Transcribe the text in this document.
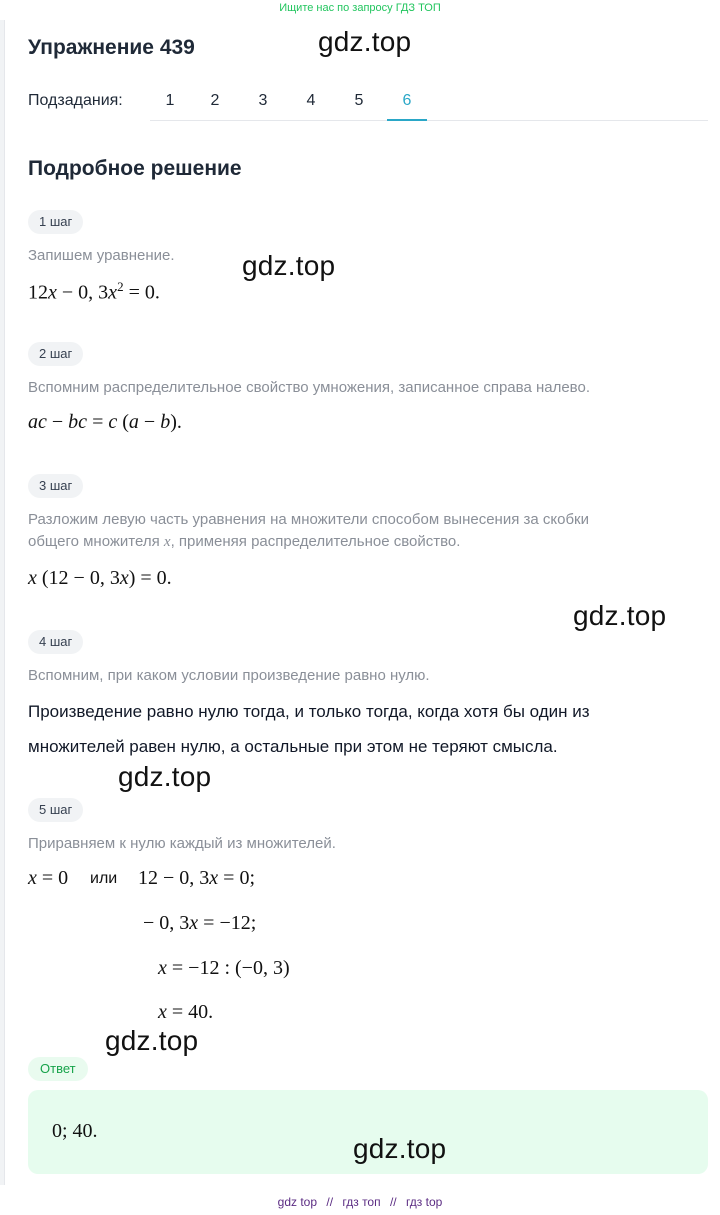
Ищите нас по запросу ГДЗ ТОП
Упражнение 439	gdz.top
Подзадания:	1	2	3	4	5	6
Подробное решение
1 шаг
Запишем уравнение.
12x − 0, $3x^2 = 0$.
gdz.top
2 шаг
Вспомним распределительное свойство умножения, записанное справа налево.
ac − bc = c (a − b).
3 шаг
Разложим левую часть уравнения на множители способом вынесения за скобки
общего множителя x, применяя распределительное свойство.
x (12 − 0, 3x) = 0.
gdz.top
4 шаг
Вспомним, при каком условии произведение равно нулю.
Произведение равно нулю тогда, и только тогда, когда хотя бы один из
множителей равен нулю, а остальные при этом не теряют смысла.
gdz.top
5 шаг
Приравняем к нулю каждый из множителей.
x = 0 или 12 − 0, 3x = 0;
− 0, 3x = −12;
x = −12 : (−0, 3)
x = 40.
gdz.top
Ответ
0; 40.
gdz.top
gdz top // гдз топ // гдз top
